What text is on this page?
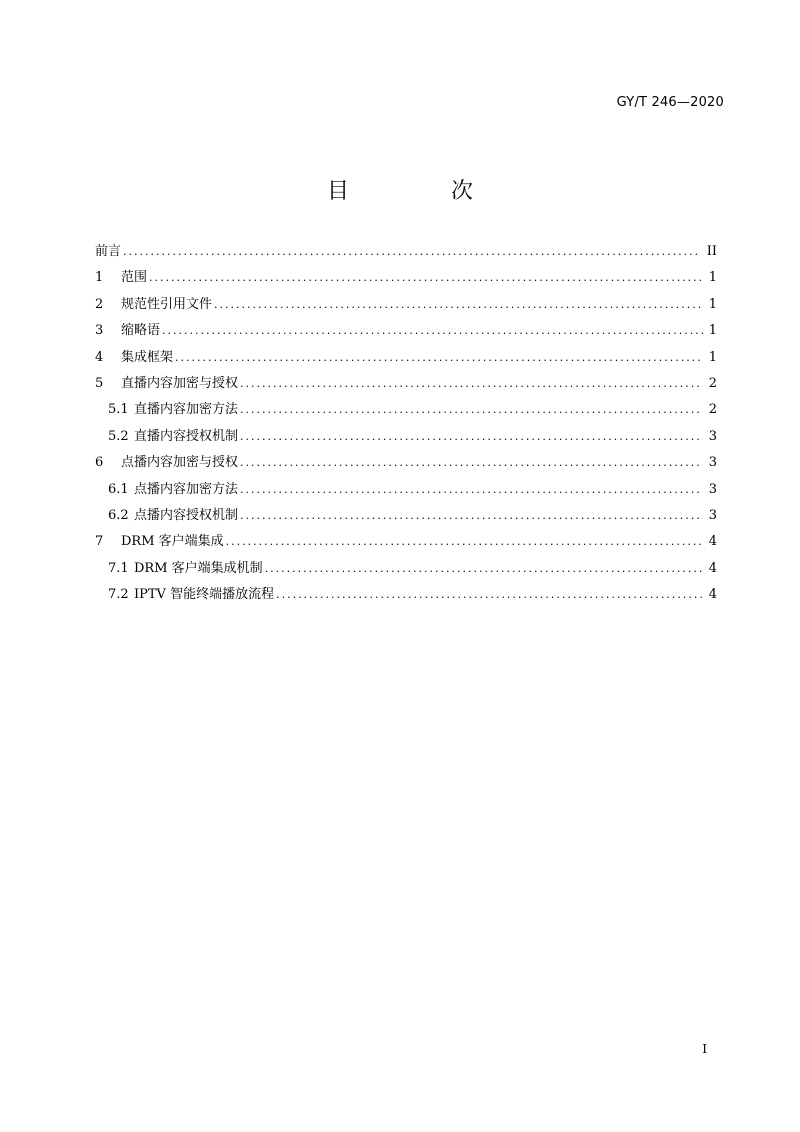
GY/T 246—2020
目　次
前言 .....	II
1 范围 .....	1
2 规范性引用文件 .....	1
3 缩略语 .....	1
4 集成框架 .....	1
5 直播内容加密与授权 .....	2
5.1 直播内容加密方法 .....	2
5.2 直播内容授权机制 .....	3
6 点播内容加密与授权 .....	3
6.1 点播内容加密方法 .....	3
6.2 点播内容授权机制 .....	3
7 DRM 客户端集成 .....	4
7.1 DRM 客户端集成机制 .....	4
7.2 IPTV 智能终端播放流程 .....	4
I
